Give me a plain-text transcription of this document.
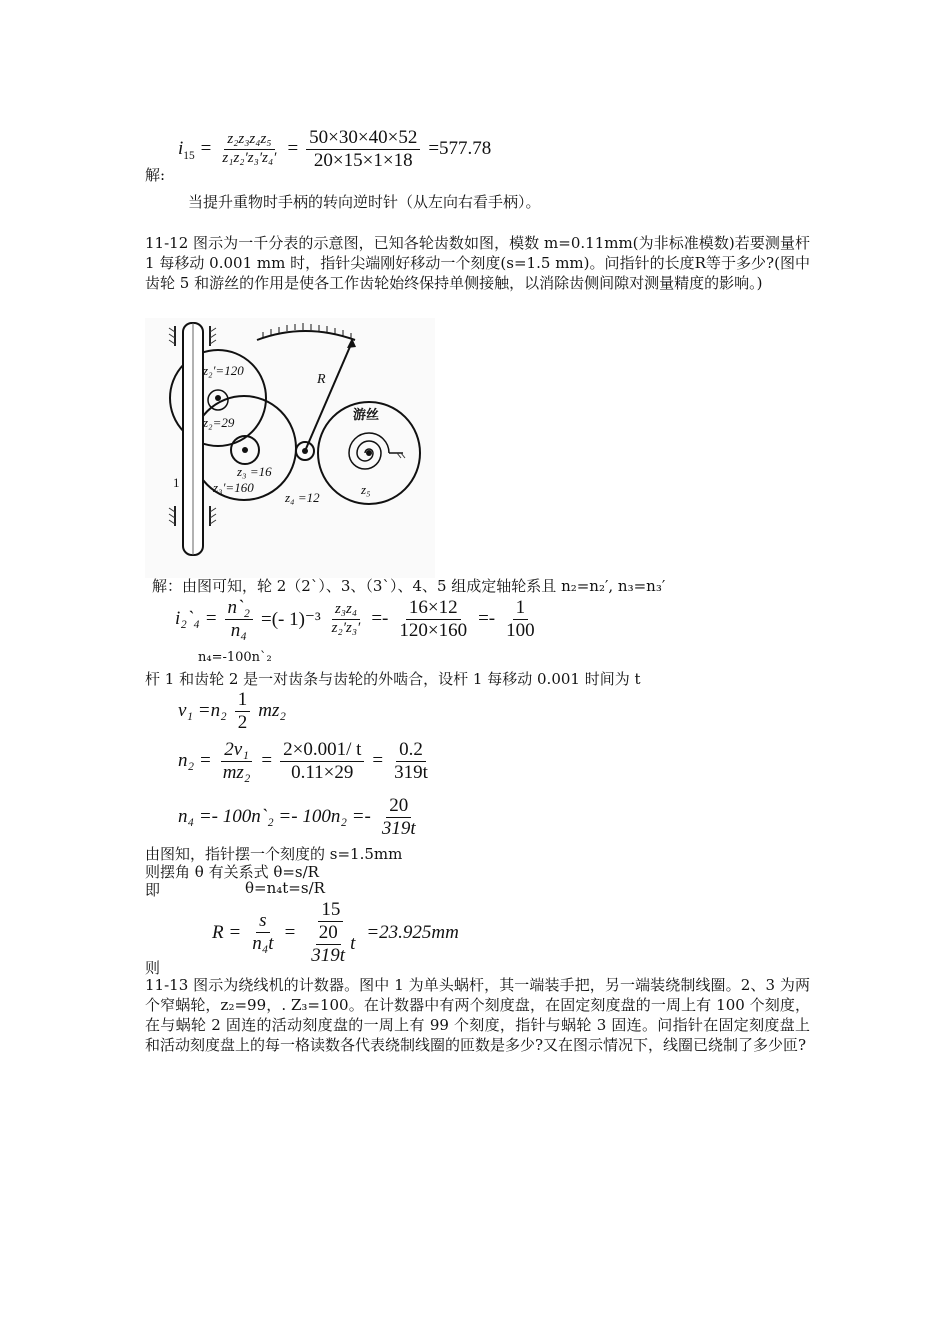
$i_{15} = \frac{\text{z₂z₃z₄z₅}}{\text{z₁z₂′z₃′z₄′}} = \frac{50\times 30\times 40\times 52}{20\times 15\times 1\times 18} =577.78$
解:
当提升重物时手柄的转向逆时针（从左向右看手柄）。
11-12 图示为一千分表的示意图，已知各轮齿数如图，模数 m=0.11mm(为非标准模数)若要测量杆 1 每移动 0.001 mm 时，指针尖端刚好移动一个刻度(s=1.5 mm)。问指针的长度R等于多少?(图中齿轮 5 和游丝的作用是使各工作齿轮始终保持单侧接触，以消除齿侧间隙对测量精度的影响。)
z₂′=120
z₂=29
z₃ =16
z₃′=160
z₄ =12
z₅
R
游丝
1
解：由图可知，轮 2（2`）、3、（3`）、4、5 组成定轴轮系且 n₂=n₂′, n₃=n₃′
i₂`₄ = $\frac{\text{n`₂}}{\text{n₄}}$ =(- $1)^{-3} \frac{\text{z₃z₄}}{\text{z₂′z₃′}} =- \frac{16\times 12}{120\times 160} =- \frac{1}{100}$
n₄=-100n`₂
杆 1 和齿轮 2 是一对齿条与齿轮的外啮合，设杆 1 每移动 0.001 时间为 t
$v_1 =n_2 \frac{1}{2} mz_2$
$n_2 = \frac{\text{2v₁}}{\text{mz₂}} = \frac{2\times 0.001/ t}{0.11\times 29} = \frac{0.2}{319t}$
n₄ =- 100n`₂ =- $100n_2 =- \frac{20}{319t}$
由图知，指针摆一个刻度的 s=1.5mm
则摆角 θ 有关系式 θ=s/R
即	θ=n₄t=s/R
$R = \frac{s}{\text{n₄t}} = \frac{15}{\frac{20}{319t} t} =23.925mm$
则
11-13 图示为绕线机的计数器。图中 1 为单头蜗杆，其一端装手把，另一端装绕制线圈。2、3 为两个窄蜗轮，z₂=99，. Z₃=100。在计数器中有两个刻度盘，在固定刻度盘的一周上有 100 个刻度，在与蜗轮 2 固连的活动刻度盘的一周上有 99 个刻度，指针与蜗轮 3 固连。问指针在固定刻度盘上和活动刻度盘上的每一格读数各代表绕制线圈的匝数是多少?又在图示情况下，线圈已绕制了多少匝?
